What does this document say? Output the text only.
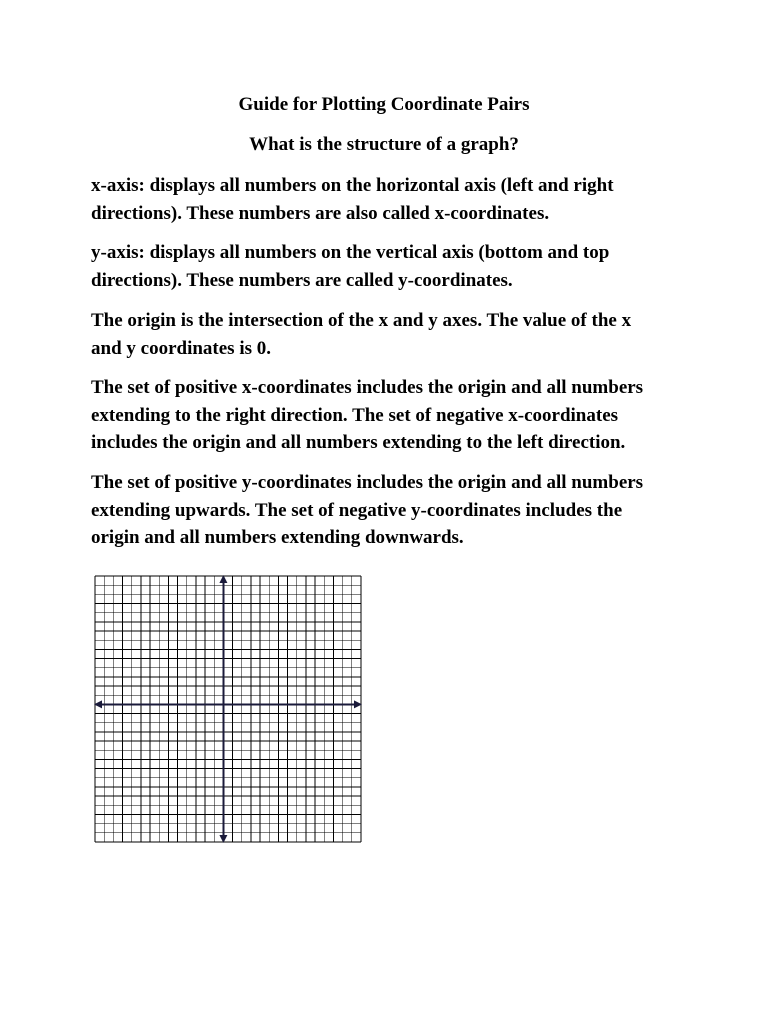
Guide for Plotting Coordinate Pairs
What is the structure of a graph?

x-axis: displays all numbers on the horizontal axis (left and right
directions). These numbers are also called x-coordinates.

y-axis: displays all numbers on the vertical axis (bottom and top
directions). These numbers are called y-coordinates.

The origin is the intersection of the x and y axes. The value of the x
and y coordinates is 0.

The set of positive x-coordinates includes the origin and all numbers
extending to the right direction. The set of negative x-coordinates
includes the origin and all numbers extending to the left direction.

The set of positive y-coordinates includes the origin and all numbers
extending upwards. The set of negative y-coordinates includes the
origin and all numbers extending downwards.
